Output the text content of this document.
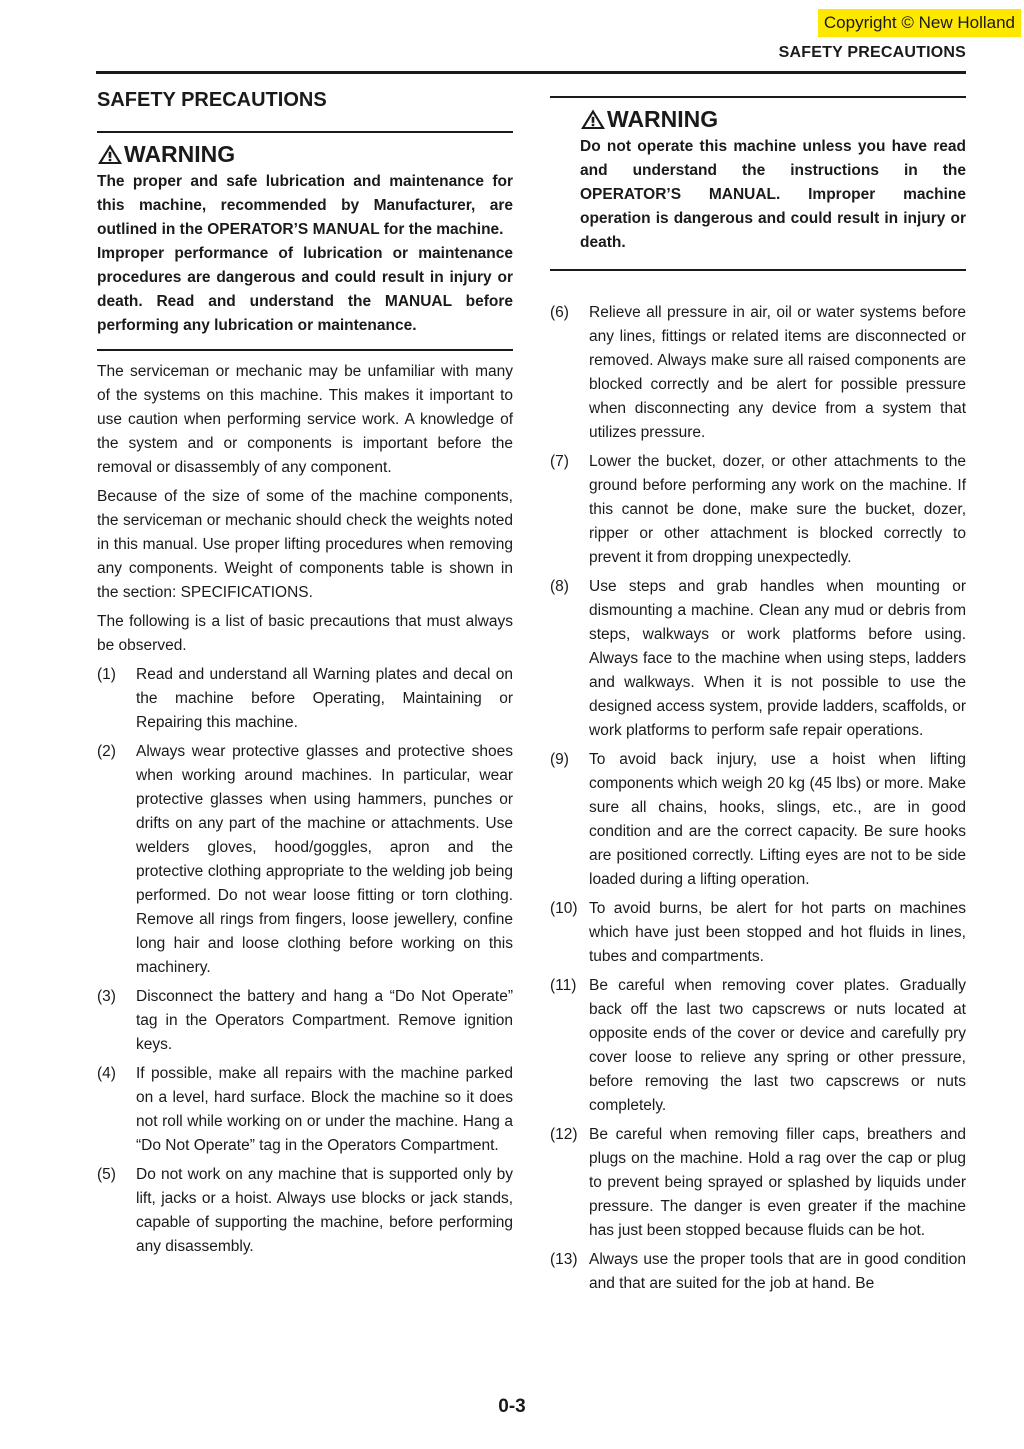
Copyright © New Holland
SAFETY PRECAUTIONS
SAFETY PRECAUTIONS
WARNING

The proper and safe lubrication and maintenance for this machine, recommended by Manufacturer, are outlined in the OPERATOR’S MANUAL for the machine.

Improper performance of lubrication or maintenance procedures are dangerous and could result in injury or death. Read and understand the MANUAL before performing any lubrication or maintenance.

The serviceman or mechanic may be unfamiliar with many of the systems on this machine. This makes it important to use caution when performing service work. A knowledge of the system and or components is important before the removal or disassembly of any component.

Because of the size of some of the machine components, the serviceman or mechanic should check the weights noted in this manual. Use proper lifting procedures when removing any components. Weight of components table is shown in the section: SPECIFICATIONS.

The following is a list of basic precautions that must always be observed.

(1)	Read and understand all Warning plates and decal on the machine before Operating, Maintaining or Repairing this machine.
(2)	Always wear protective glasses and protective shoes when working around machines. In particular, wear protective glasses when using hammers, punches or drifts on any part of the machine or attachments. Use welders gloves, hood/goggles, apron and the protective clothing appropriate to the welding job being performed. Do not wear loose fitting or torn clothing. Remove all rings from fingers, loose jewellery, confine long hair and loose clothing before working on this machinery.
(3)	Disconnect the battery and hang a “Do Not Operate” tag in the Operators Compartment. Remove ignition keys.
(4)	If possible, make all repairs with the machine parked on a level, hard surface. Block the machine so it does not roll while working on or under the machine. Hang a “Do Not Operate” tag in the Operators Compartment.
(5)	Do not work on any machine that is supported only by lift, jacks or a hoist. Always use blocks or jack stands, capable of supporting the machine, before performing any disassembly.
WARNING

Do not operate this machine unless you have read and understand the instructions in the OPERATOR’S MANUAL. Improper machine operation is dangerous and could result in injury or death.

(6)	Relieve all pressure in air, oil or water systems before any lines, fittings or related items are disconnected or removed. Always make sure all raised components are blocked correctly and be alert for possible pressure when disconnecting any device from a system that utilizes pressure.
(7)	Lower the bucket, dozer, or other attachments to the ground before performing any work on the machine. If this cannot be done, make sure the bucket, dozer, ripper or other attachment is blocked correctly to prevent it from dropping unexpectedly.
(8)	Use steps and grab handles when mounting or dismounting a machine. Clean any mud or debris from steps, walkways or work platforms before using. Always face to the machine when using steps, ladders and walkways. When it is not possible to use the designed access system, provide ladders, scaffolds, or work platforms to perform safe repair operations.
(9)	To avoid back injury, use a hoist when lifting components which weigh 20 kg (45 lbs) or more. Make sure all chains, hooks, slings, etc., are in good condition and are the correct capacity. Be sure hooks are positioned correctly. Lifting eyes are not to be side loaded during a lifting operation.
(10) To avoid burns, be alert for hot parts on machines which have just been stopped and hot fluids in lines, tubes and compartments.
(11) Be careful when removing cover plates. Gradually back off the last two capscrews or nuts located at opposite ends of the cover or device and carefully pry cover loose to relieve any spring or other pressure, before removing the last two capscrews or nuts completely.
(12) Be careful when removing filler caps, breathers and plugs on the machine. Hold a rag over the cap or plug to prevent being sprayed or splashed by liquids under pressure. The danger is even greater if the machine has just been stopped because fluids can be hot.
(13) Always use the proper tools that are in good condition and that are suited for the job at hand. Be
0-3
